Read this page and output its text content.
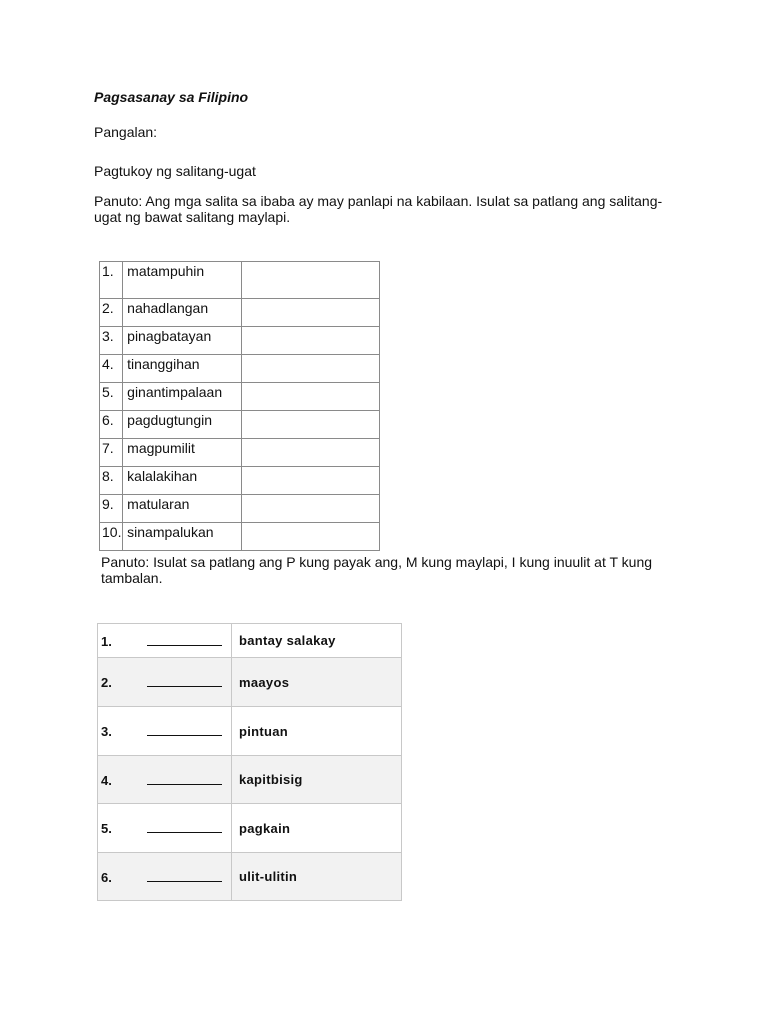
Pagsasanay sa Filipino
Pangalan:
Pagtukoy ng salitang-ugat
Panuto: Ang mga salita sa ibaba ay may panlapi na kabilaan. Isulat sa patlang ang salitang-ugat ng bawat salitang maylapi.
1.	matampuhin	
2.	nahadlangan	
3.	pinagbatayan	
4.	tinanggihan	
5.	ginantimpalaan	
6.	pagdugtungin	
7.	magpumilit	
8.	kalalakihan	
9.	matularan	
10.	sinampalukan	
Panuto: Isulat sa patlang ang P kung payak ang, M kung maylapi, I kung inuulit at T kung tambalan.
1.	bantay salakay
2.	maayos
3.	pintuan
4.	kapitbisig
5.	pagkain
6.	ulit-ulitin
